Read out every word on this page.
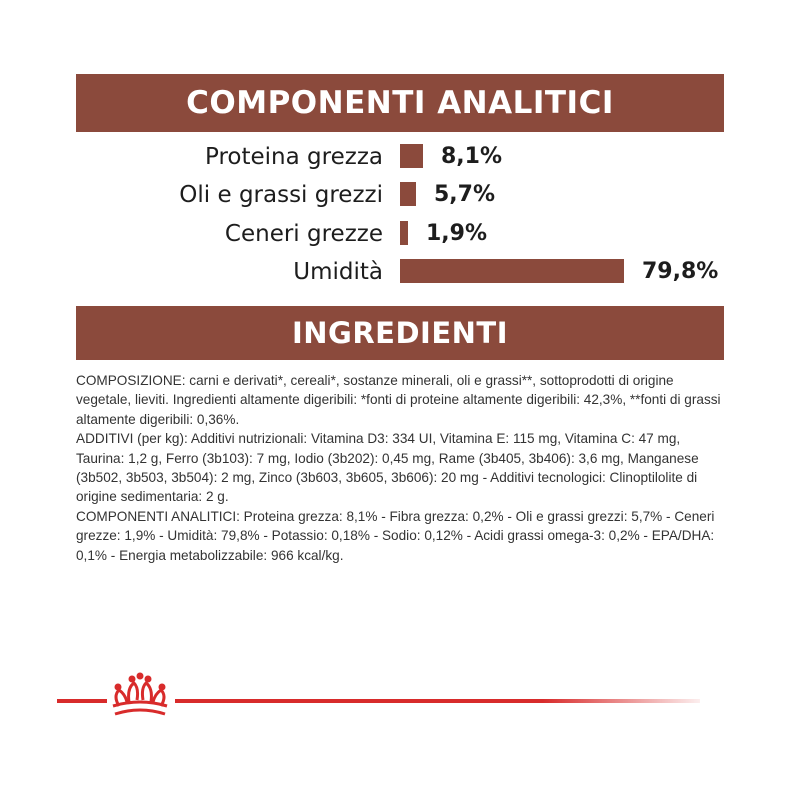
COMPONENTI ANALITICI
Proteina grezza	8,1%
Oli e grassi grezzi 5,7%
Ceneri grezze 1,9%
Umidità	79,8%
INGREDIENTI

COMPOSIZIONE: carni e derivati*, cereali*, sostanze minerali, oli e grassi**, sottoprodotti di origine vegetale, lieviti. Ingredienti altamente digeribili: *fonti di proteine altamente digeribili: 42,3%, **fonti di grassi altamente digeribili: 0,36%.

ADDITIVI (per kg): Additivi nutrizionali: Vitamina D3: 334 UI, Vitamina E: 115 mg, Vitamina C: 47 mg, Taurina: 1,2 g, Ferro (3b103): 7 mg, Iodio (3b202): 0,45 mg, Rame (3b405, 3b406): 3,6 mg, Manganese (3b502, 3b503, 3b504): 2 mg, Zinco (3b603, 3b605, 3b606): 20 mg - Additivi tecnologici: Clinoptilolite di origine sedimentaria: 2 g.

COMPONENTI ANALITICI: Proteina grezza: 8,1% - Fibra grezza: 0,2% - Oli e grassi grezzi: 5,7% - Ceneri grezze: 1,9% - Umidità: 79,8% - Potassio: 0,18% - Sodio: 0,12% - Acidi grassi omega-3: 0,2% - EPA/DHA: 0,1% - Energia metabolizzabile: 966 kcal/kg.
